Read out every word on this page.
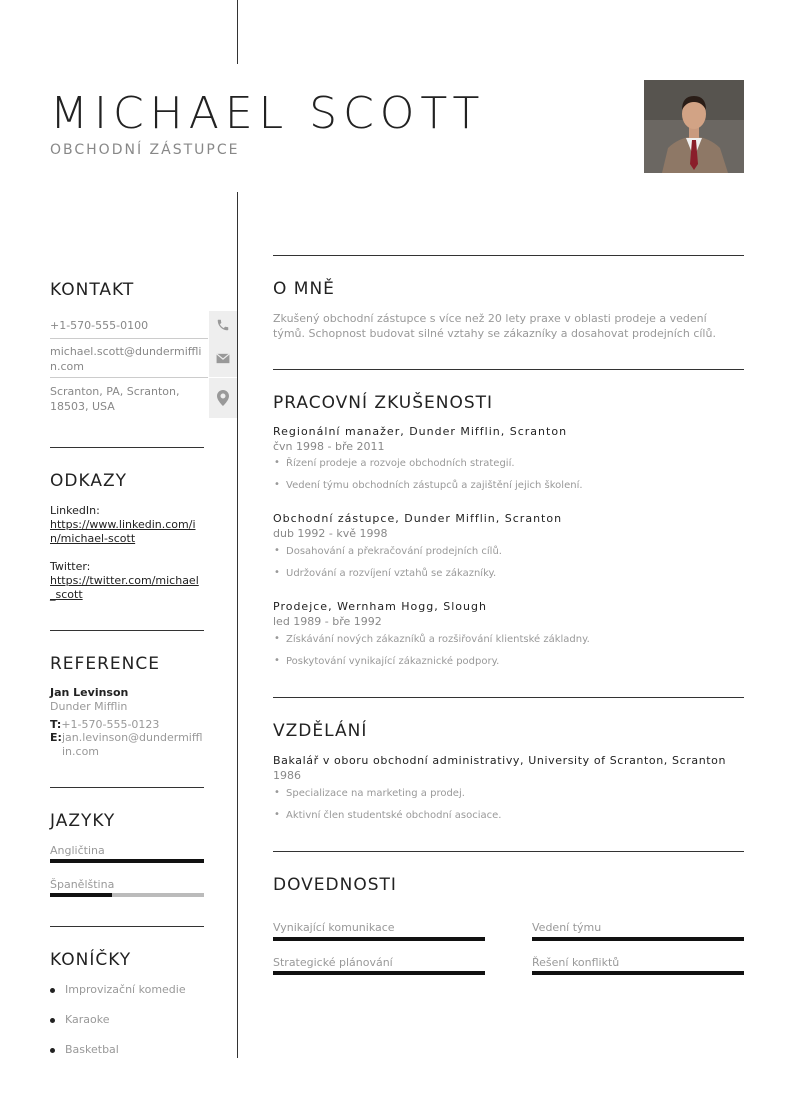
MICHAEL SCOTT
OBCHODNÍ ZÁSTUPCE
KONTAKT
+1-570-555-0100
michael.scott@dundermifflin.com
Scranton, PA, Scranton, 18503, USA
ODKAZY
LinkedIn:
https://www.linkedin.com/in/michael-scott
Twitter:
https://twitter.com/michael_scott
REFERENCE
Jan Levinson
Dunder Mifflin
T:+1-570-555-0123
E: jan.levinson@dundermifflin.com
JAZYKY
Angličtina
Španělština
KONÍČKY
Improvizační komedie
Karaoke
Basketbal
O MNĚ
Zkušený obchodní zástupce s více než 20 lety praxe v oblasti prodeje a vedení týmů. Schopnost budovat silné vztahy se zákazníky a dosahovat prodejních cílů.
PRACOVNÍ ZKUŠENOSTI
Regionální manažer, Dunder Mifflin, Scranton
čvn 1998 - bře 2011
• Řízení prodeje a rozvoje obchodních strategií.
• Vedení týmu obchodních zástupců a zajištění jejich školení.
Obchodní zástupce, Dunder Mifflin, Scranton
dub 1992 - kvě 1998
• Dosahování a překračování prodejních cílů.
• Udržování a rozvíjení vztahů se zákazníky.
Prodejce, Wernham Hogg, Slough
led 1989 - bře 1992
• Získávání nových zákazníků a rozšiřování klientské základny.
• Poskytování vynikající zákaznické podpory.
VZDĚLÁNÍ
Bakalář v oboru obchodní administrativy, University of Scranton, Scranton
1986
• Specializace na marketing a prodej.
• Aktivní člen studentské obchodní asociace.
DOVEDNOSTI
Vynikající komunikace	Vedení týmu
Strategické plánování	Řešení konfliktů
